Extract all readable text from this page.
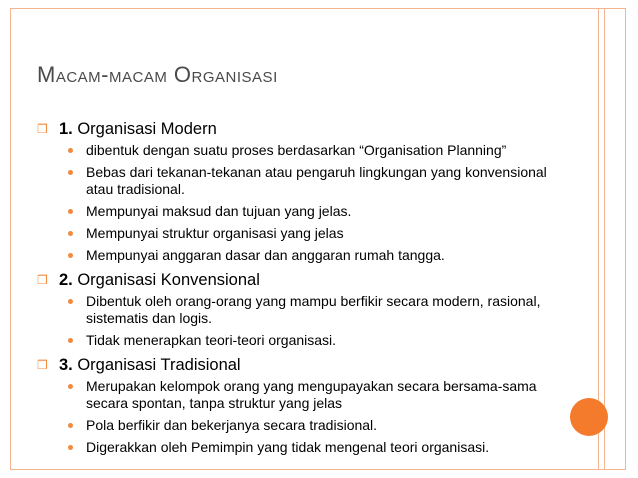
Macam-macam Organisasi
❒ 1. Organisasi Modern
dibentuk dengan suatu proses berdasarkan “Organisation Planning”
Bebas dari tekanan-tekanan atau pengaruh lingkungan yang konvensional atau tradisional.
Mempunyai maksud dan tujuan yang jelas.
Mempunyai struktur organisasi yang jelas
Mempunyai anggaran dasar dan anggaran rumah tangga.
❒ 2. Organisasi Konvensional
Dibentuk oleh orang-orang yang mampu berfikir secara modern, rasional, sistematis dan logis.
Tidak menerapkan teori-teori organisasi.
❒ 3. Organisasi Tradisional
Merupakan kelompok orang yang mengupayakan secara bersama-sama secara spontan, tanpa struktur yang jelas
Pola berfikir dan bekerjanya secara tradisional.
Digerakkan oleh Pemimpin yang tidak mengenal teori organisasi.
